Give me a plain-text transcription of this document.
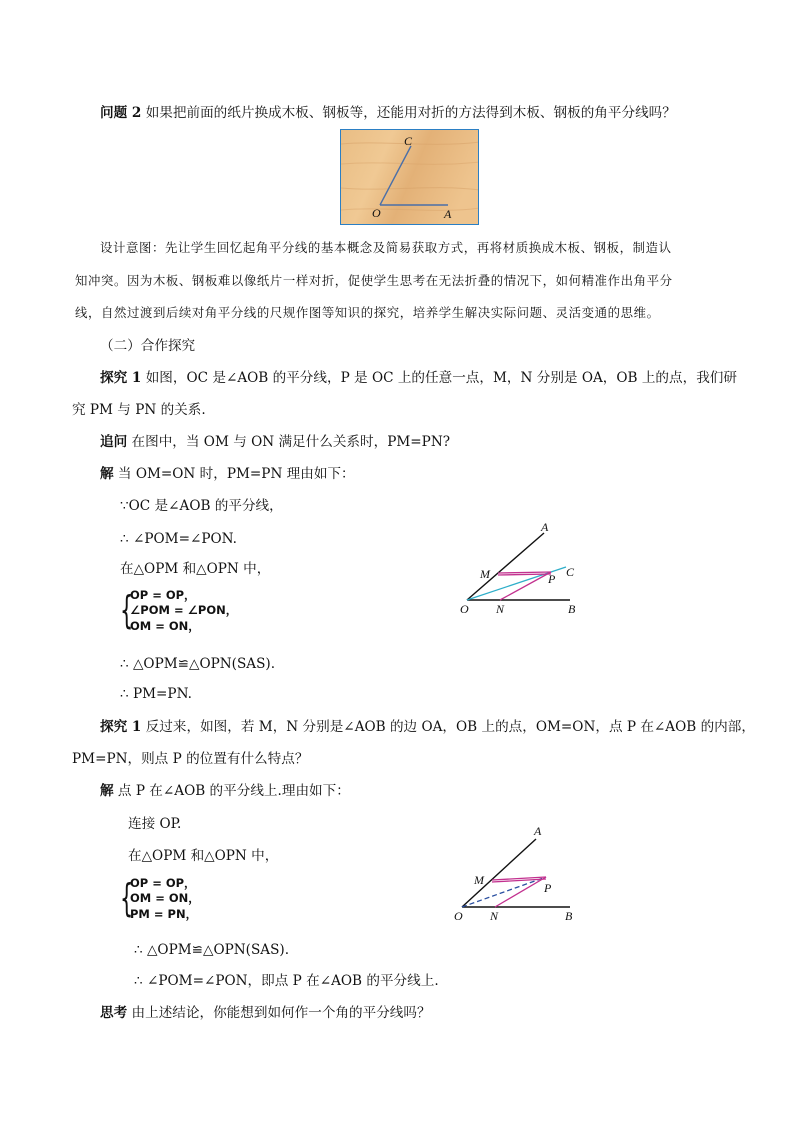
问题 2 如果把前面的纸片换成木板、钢板等，还能用对折的方法得到木板、钢板的角平分线吗？
C
O	A
设计意图：先让学生回忆起角平分线的基本概念及简易获取方式，再将材质换成木板、钢板，制造认
知冲突。因为木板、钢板难以像纸片一样对折，促使学生思考在无法折叠的情况下，如何精准作出角平分
线，自然过渡到后续对角平分线的尺规作图等知识的探究，培养学生解决实际问题、灵活变通的思维。
（二）合作探究
探究 1 如图，OC 是∠AOB 的平分线，P 是 OC 上的任意一点，M，N 分别是 OA，OB 上的点，我们研
究 PM 与 PN 的关系.
追问 在图中，当 OM 与 ON 满足什么关系时，PM=PN?
解 当 OM=ON 时，PM=PN 理由如下：
∵OC 是∠AOB 的平分线，
∴ ∠POM=∠PON.
在△OPM 和△OPN 中，
{
OP = OP，
∠POM = ∠PON，
OM = ON，
∴ △OPM≌△OPN(SAS).
∴ PM=PN.
A
M	P C
O N	B
探究 1 反过来，如图，若 M，N 分别是∠AOB 的边 OA，OB 上的点，OM=ON，点 P 在∠AOB 的内部，
PM=PN，则点 P 的位置有什么特点？
解 点 P 在∠AOB 的平分线上.理由如下：
连接 OP.
在△OPM 和△OPN 中，
{
OP = OP，
OM = ON，
PM = PN，
∴ △OPM≌△OPN(SAS).
∴ ∠POM=∠PON，即点 P 在∠AOB 的平分线上.
A
M
P
O N	B
思考 由上述结论，你能想到如何作一个角的平分线吗？
